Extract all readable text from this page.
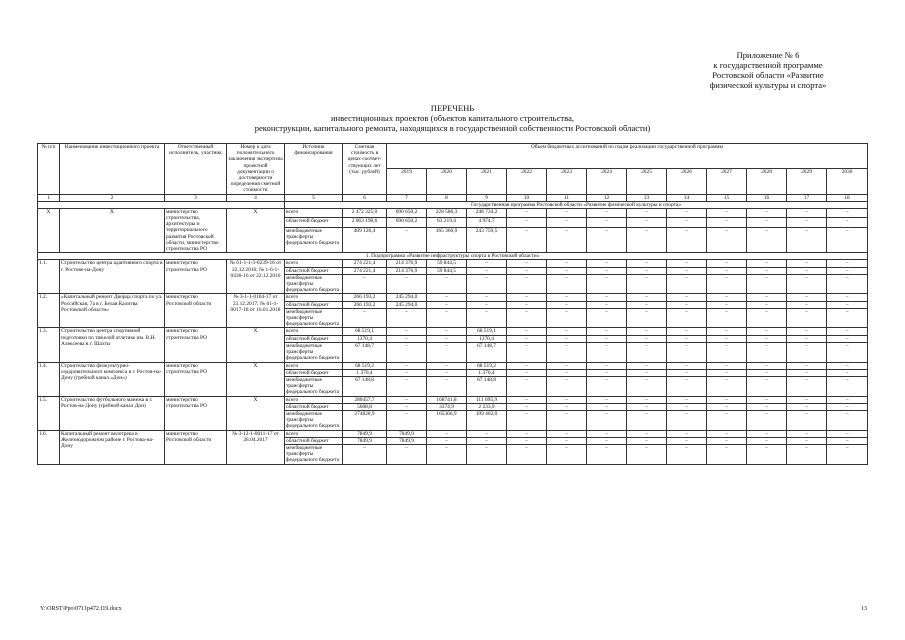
Приложение № 6
к государственной программе
Ростовской области «Развитие
физической культуры и спорта»
ПЕРЕЧЕНЬ
инвестиционных проектов (объектов капитального строительства,
реконструкции, капитального ремонта, находящихся в государственной собственности Ростовской области)
№ п/п	Наименование инвестиционного проекта	Ответственный исполнитель, участник	Номер и дата положительного заключения экспертизы проектной документации о достоверности определения сметной стоимости	Источник финансирования	Сметная стоимость в ценах соответ-ствующих лет (тыс. рублей)	Объем бюджетных ассигнований по годам реализации государственной программы											
						2019	2020	2021	2022	2023	2024	2025	2026	2027	2028	2029	2030
1	2	3	4	5	6	7	8	9	10	11	12	13	14	15	16	17	18
				Государственная программа Ростовской области «Развитие физической культуры и спорта»													
X	X	министерство строительства, архитектуры и территориального развития Ростовской области, министерство строительства РО	X	всего	2 472 325,0	690 650,2	228 586,3	248 734,2	–	–	–	–	–	–	–	–	–
				областной бюджет	2 063 198,6	690 650,2	63 219,4	4 974,7	–	–	–	–	–	–	–	–	–
				межбюджетные трансферты федерального бюджета	409 126,4	–	165 366,9	243 759,5	–	–	–	–	–	–	–	–	–
1. Подпрограмма «Развитие инфраструктуры спорта в Ростовской области»																	
1.1.	Строительство центра адаптивного спорта в г. Ростове-на-Дону	министерство строительства РО	№ 61-1-1-3-0239-16 от 22.12.2016; № 1-6-1-0436-16 от 22.12.2016	всего	274 221,4	214 376,9	59 844,5	–	–	–	–	–	–	–	–	–	–
				областной бюджет	274 221,4	214 376,9	59 844,5	–	–	–	–	–	–	–	–	–	–
				межбюджетные трансферты федерального бюджета	–	–	–	–	–	–	–	–	–	–	–	–	–
1.2.	«Капитальный ремонт Дворца спорта по ул. Российская, 7а в г. Белая Калитва Ростовской области»	министерство Ростовской области	№ 3-1-1-0104-17 от 23.12.2017; № 61-1-0017-18 от 16.01.2018	всего	266 193,2	245 294,0	–	–	–	–	–	–	–	–	–	–	–
				областной бюджет	266 193,2	245 294,0	–	–	–	–	–	–	–	–	–	–	–
				межбюджетные трансферты федерального бюджета	–	–	–	–	–	–	–	–	–	–	–	–	–
1.3.	Строительство центра спортивной подготовки по тяжелой атлетике им. В.Н. Алексеева в г. Шахты	министерство строительства РО	X	всего	68 519,1	–	–	68 519,1	–	–	–	–	–	–	–	–	–
				областной бюджет	1370,4	–	–	1370,4	–	–	–	–	–	–	–	–	–
				межбюджетные трансферты федерального бюджета	67 148,7	–	–	67 148,7	–	–	–	–	–	–	–	–	–
1.4.	Строительство физкультурно-оздоровительного комплекса в г. Ростов-на-Дону (гребной канал «Дон»)	министерство строительства РО	X	всего	68 519,2	–	–	68 519,2	–	–	–	–	–	–	–	–	–
				областной бюджет	1 370,4	–	–	1 370,4	–	–	–	–	–	–	–	–	–
				межбюджетные трансферты федерального бюджета	67 148,8	–	–	67 148,8	–	–	–	–	–	–	–	–	–
1.5.	Строительство футбольного манежа в г. Ростов-на-Дону (гребной канал Дон)	министерство строительства РО	X	всего	280457,7	–	168741,8	111 695,9	–	–	–	–	–	–	–	–	–
				областной бюджет	5608,8	–	3374,9	2 233,9	–	–	–	–	–	–	–	–	–
				межбюджетные трансферты федерального бюджета	274828,9	–	165366,9	109 462,0	–	–	–	–	–	–	–	–	–
1.6.	Капитальный ремонт велотрека в Железнодорожном районе г. Ростова-на-Дону	министерство Ростовской области	№ 3-12-1-0011-17 от 28.04.2017	всего	7849,9	7849,9	–	–	–	–	–	–	–	–	–	–	–
				областной бюджет	7849,9	7849,9	–	–	–	–	–	–	–	–	–	–	–
				межбюджетные трансферты федерального бюджета	–	–	–	–	–	–	–	–	–	–	–	–	–
Y:\ORST\Ppo\0711p472.f19.docx	13
